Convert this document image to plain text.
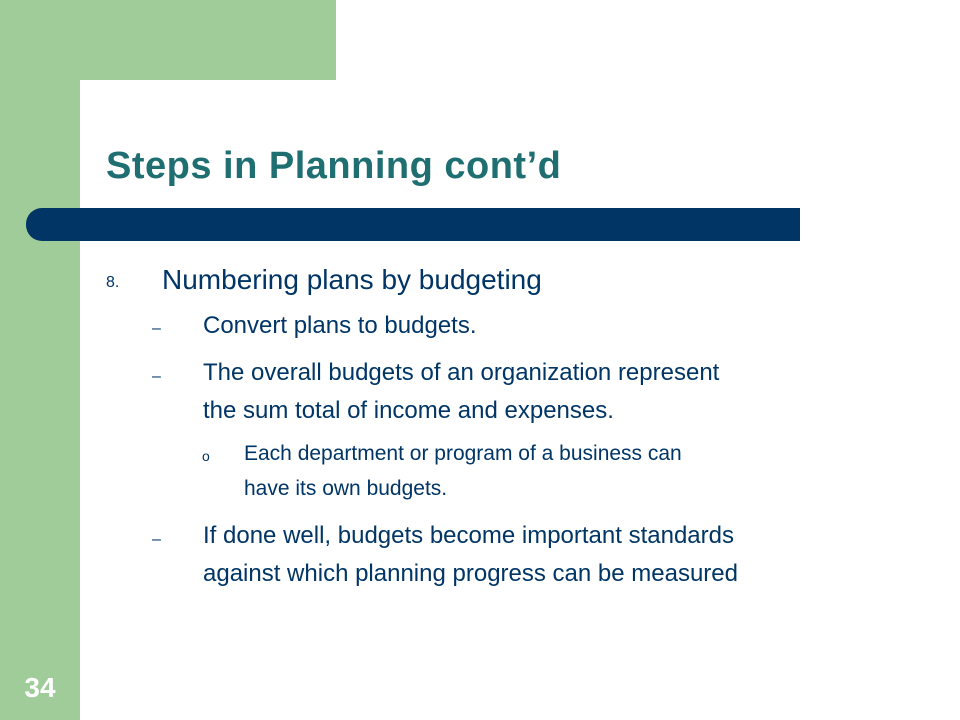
34
Steps in Planning cont’d
8. Numbering plans by budgeting
– Convert plans to budgets.
– The overall budgets of an organization represent
the sum total of income and expenses.
o Each department or program of a business can
have its own budgets.
– If done well, budgets become important standards
against which planning progress can be measured
